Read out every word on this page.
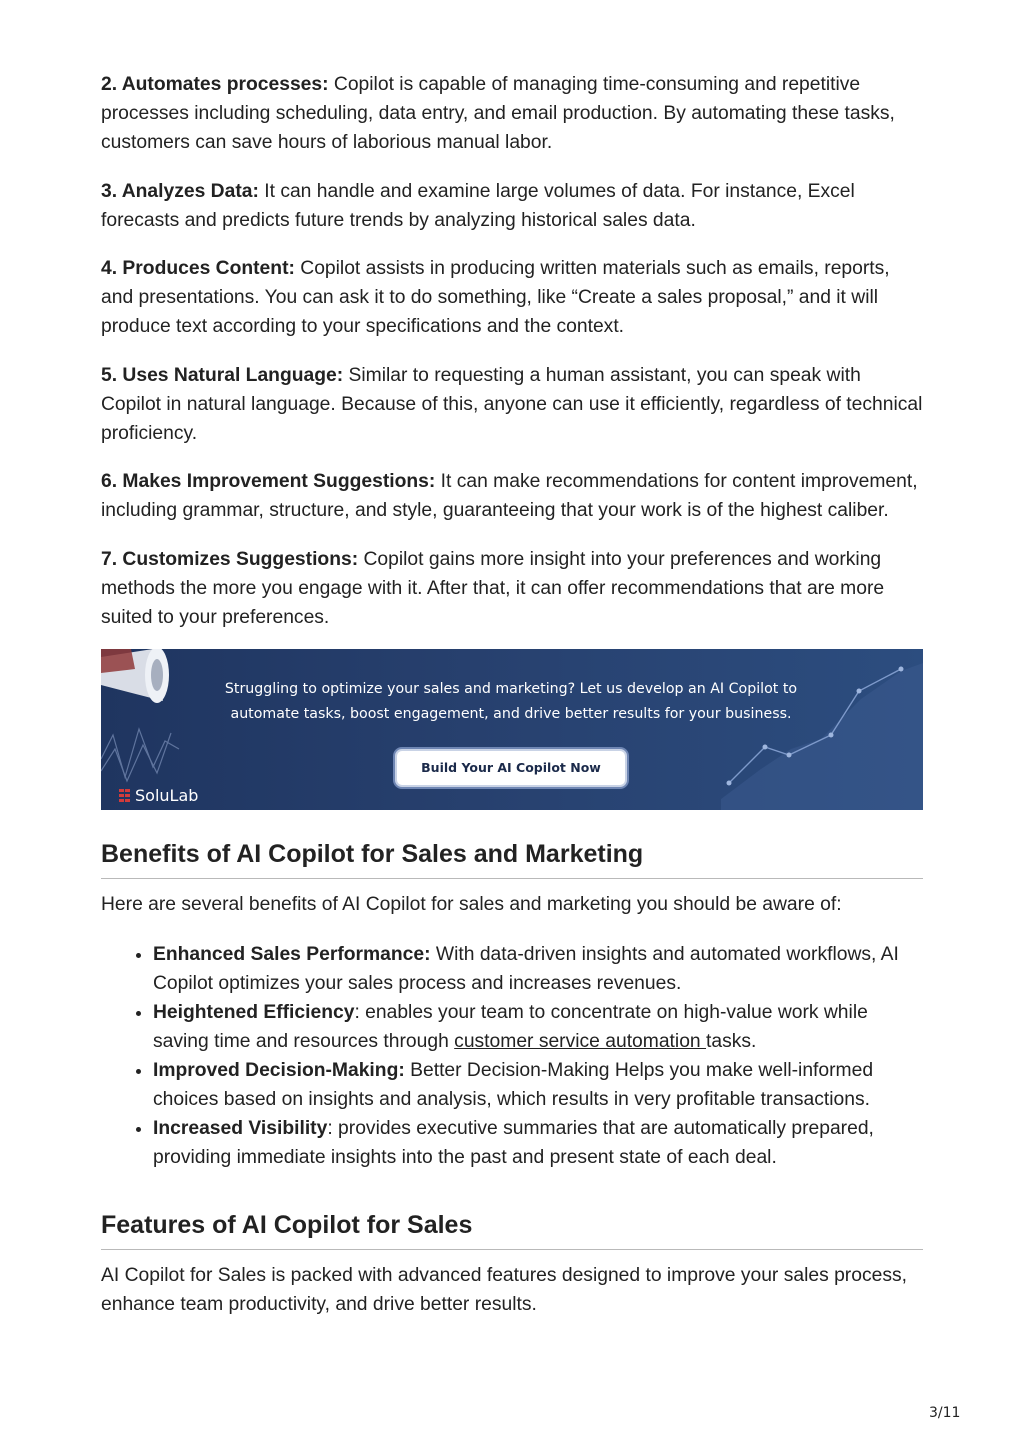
2. Automates processes: Copilot is capable of managing time-consuming and repetitive processes including scheduling, data entry, and email production. By automating these tasks, customers can save hours of laborious manual labor.

3. Analyzes Data: It can handle and examine large volumes of data. For instance, Excel forecasts and predicts future trends by analyzing historical sales data.

4. Produces Content: Copilot assists in producing written materials such as emails, reports, and presentations. You can ask it to do something, like “Create a sales proposal,” and it will produce text according to your specifications and the context.

5. Uses Natural Language: Similar to requesting a human assistant, you can speak with Copilot in natural language. Because of this, anyone can use it efficiently, regardless of technical proficiency.

6. Makes Improvement Suggestions: It can make recommendations for content improvement, including grammar, structure, and style, guaranteeing that your work is of the highest caliber.

7. Customizes Suggestions: Copilot gains more insight into your preferences and working methods the more you engage with it. After that, it can offer recommendations that are more suited to your preferences.

Struggling to optimize your sales and marketing? Let us develop an AI Copilot to
automate tasks, boost engagement, and drive better results for your business.
Build Your AI Copilot Now
SoluLab
Benefits of AI Copilot for Sales and Marketing

Here are several benefits of AI Copilot for sales and marketing you should be aware of:

• Enhanced Sales Performance: With data-driven insights and automated workflows, AI Copilot optimizes your sales process and increases revenues.
• Heightened Efficiency: enables your team to concentrate on high-value work while saving time and resources through customer service automation tasks.
• Improved Decision-Making: Better Decision-Making Helps you make well-informed choices based on insights and analysis, which results in very profitable transactions.
• Increased Visibility: provides executive summaries that are automatically prepared, providing immediate insights into the past and present state of each deal.
Features of AI Copilot for Sales

AI Copilot for Sales is packed with advanced features designed to improve your sales process, enhance team productivity, and drive better results.

3/11
